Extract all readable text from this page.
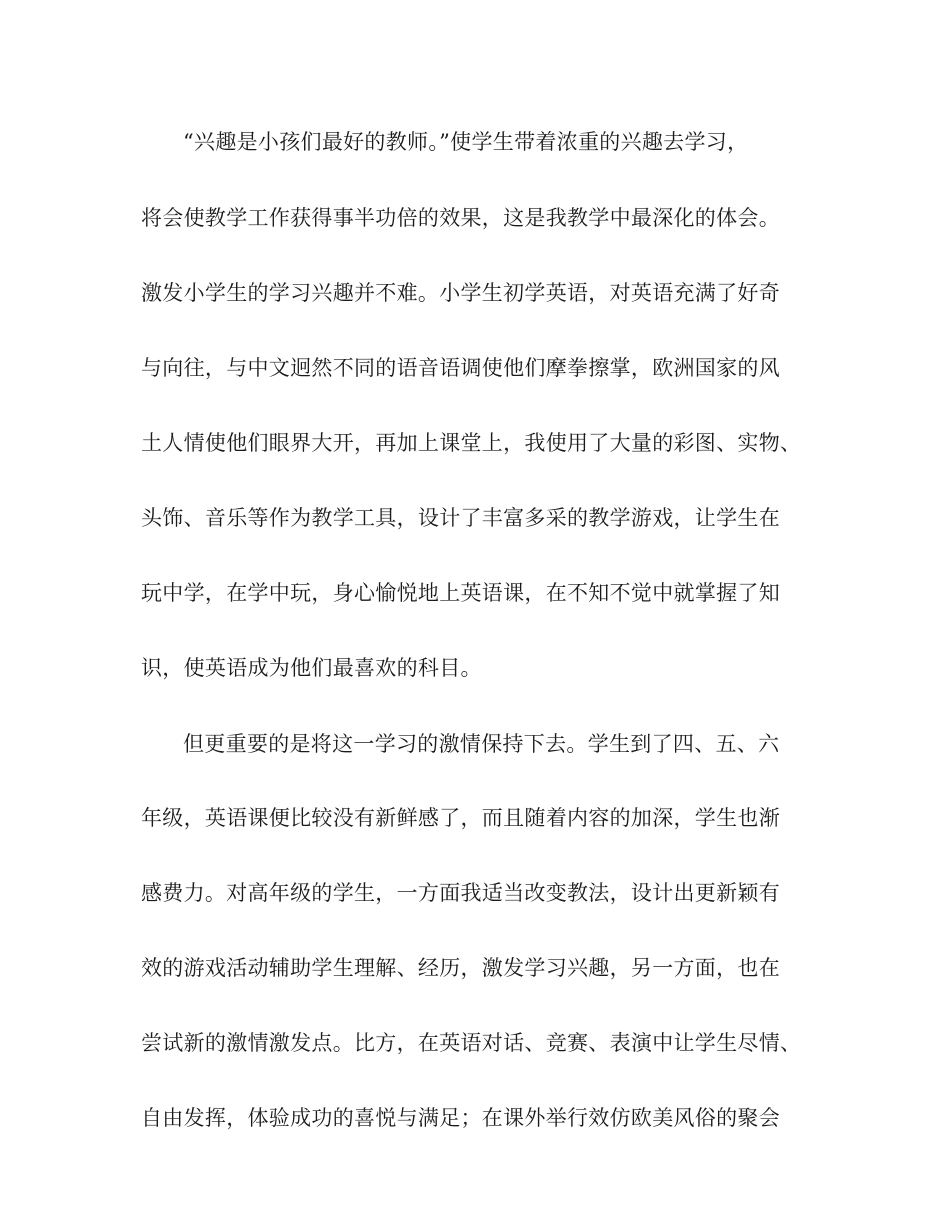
“兴趣是小孩们最好的教师。”使学生带着浓重的兴趣去学习，
将会使教学工作获得事半功倍的效果，这是我教学中最深化的体会。
激发小学生的学习兴趣并不难。小学生初学英语，对英语充满了好奇
与向往，与中文迥然不同的语音语调使他们摩拳擦掌，欧洲国家的风
土人情使他们眼界大开，再加上课堂上，我使用了大量的彩图、实物、
头饰、音乐等作为教学工具，设计了丰富多采的教学游戏，让学生在
玩中学，在学中玩，身心愉悦地上英语课，在不知不觉中就掌握了知
识，使英语成为他们最喜欢的科目。
但更重要的是将这一学习的激情保持下去。学生到了四、五、六
年级，英语课便比较没有新鲜感了，而且随着内容的加深，学生也渐
感费力。对高年级的学生，一方面我适当改变教法，设计出更新颖有
效的游戏活动辅助学生理解、经历，激发学习兴趣，另一方面，也在
尝试新的激情激发点。比方，在英语对话、竞赛、表演中让学生尽情、
自由发挥，体验成功的喜悦与满足；在课外举行效仿欧美风俗的聚会
